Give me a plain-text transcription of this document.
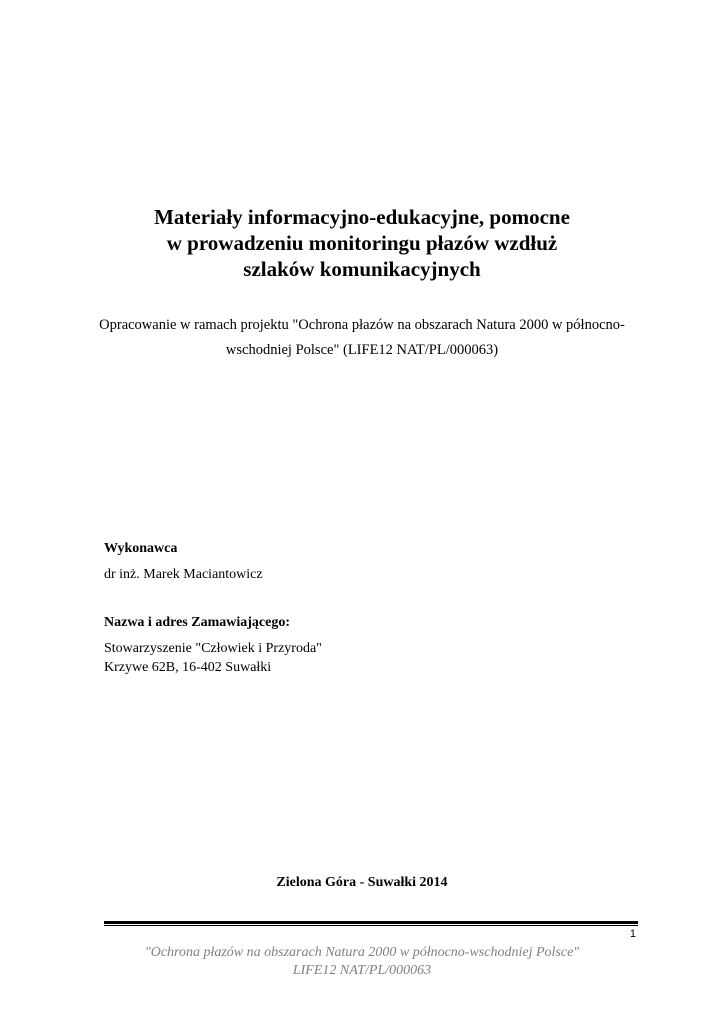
Materiały informacyjno-edukacyjne, pomocne
w prowadzeniu monitoringu płazów wzdłuż
szlaków komunikacyjnych

Opracowanie w ramach projektu "Ochrona płazów na obszarach Natura 2000 w północno-
wschodniej Polsce" (LIFE12 NAT/PL/000063)

Wykonawca
dr inż. Marek Maciantowicz
Nazwa i adres Zamawiającego:
Stowarzyszenie "Człowiek i Przyroda"
Krzywe 62B, 16-402 Suwałki
Zielona Góra - Suwałki 2014
1
"Ochrona płazów na obszarach Natura 2000 w północno-wschodniej Polsce"
LIFE12 NAT/PL/000063
